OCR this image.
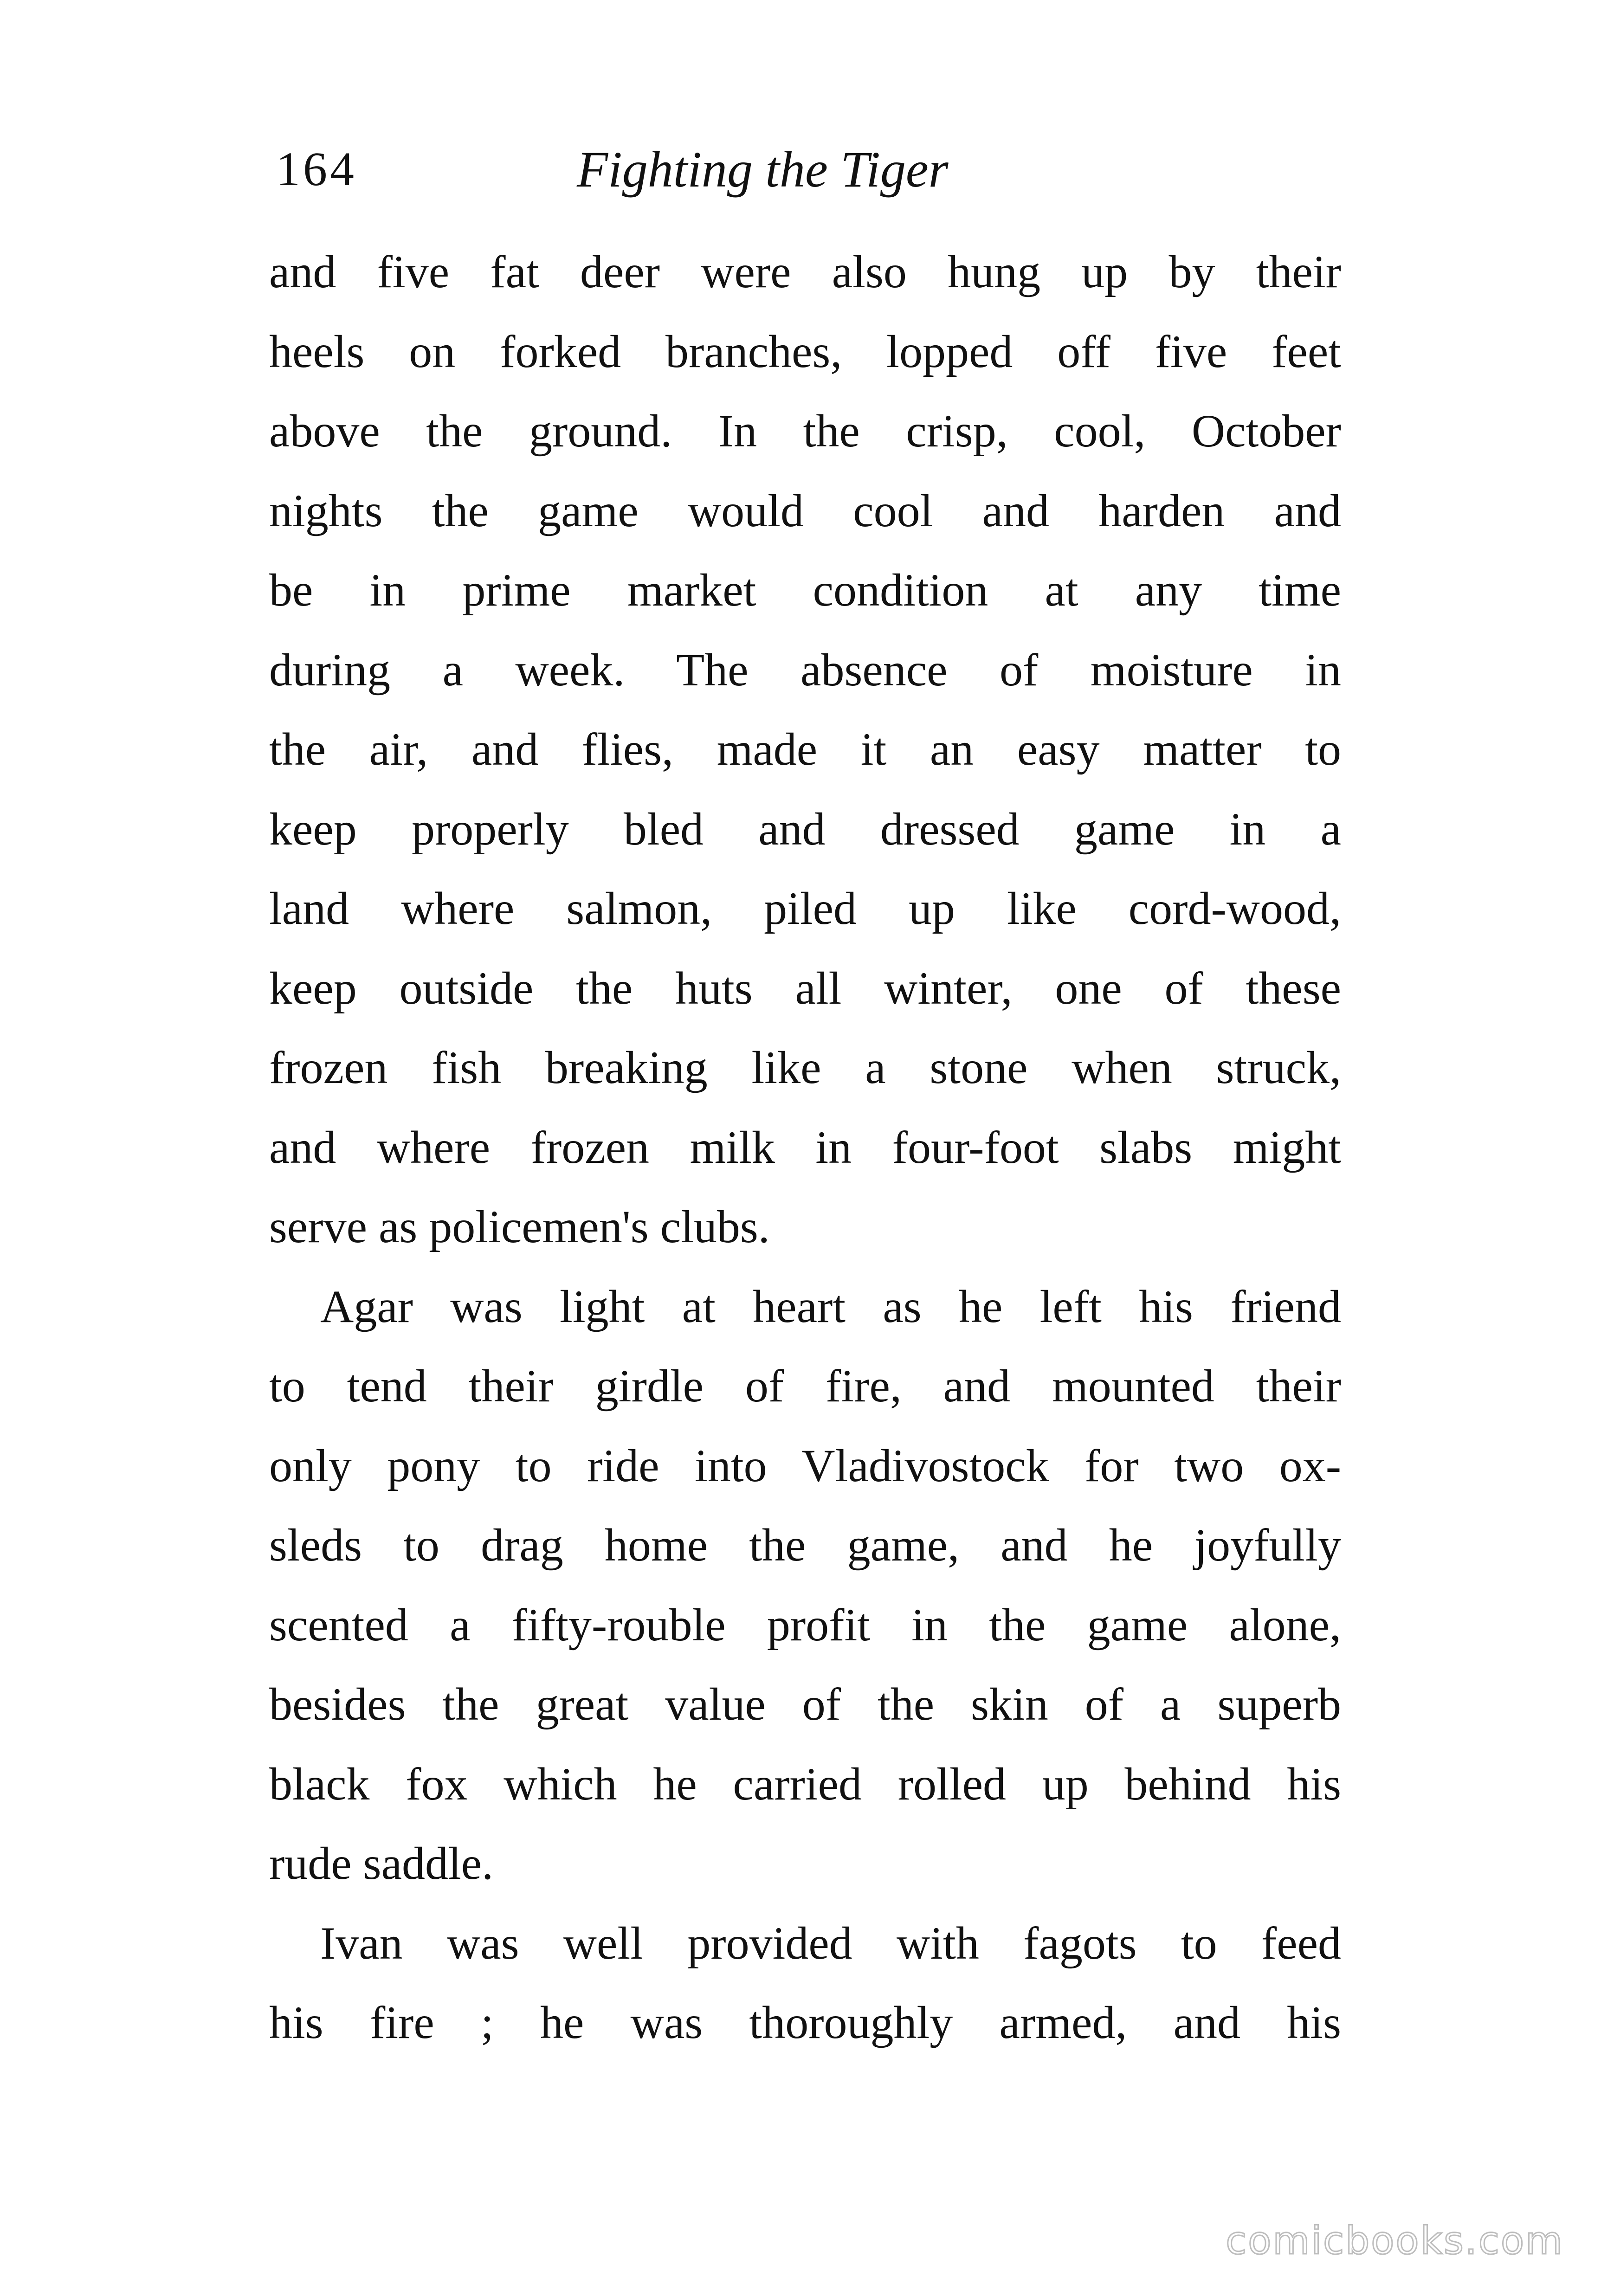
164	Fighting the Tiger
and five fat deer were also hung up by their
heels on forked branches, lopped off five feet
above the ground. In the crisp, cool, October
nights the game would cool and harden and
be in prime market condition at any time
during a week. The absence of moisture in
the air, and flies, made it an easy matter to
keep properly bled and dressed game in a
land where salmon, piled up like cord-wood,
keep outside the huts all winter, one of these
frozen fish breaking like a stone when struck,
and where frozen milk in four-foot slabs might
serve as policemen's clubs.
Agar was light at heart as he left his friend
to tend their girdle of fire, and mounted their
only pony to ride into Vladivostock for two ox-
sleds to drag home the game, and he joyfully
scented a fifty-rouble profit in the game alone,
besides the great value of the skin of a superb
black fox which he carried rolled up behind his
rude saddle.
Ivan was well provided with fagots to feed
his fire ; he was thoroughly armed, and his
comicbooks.com
